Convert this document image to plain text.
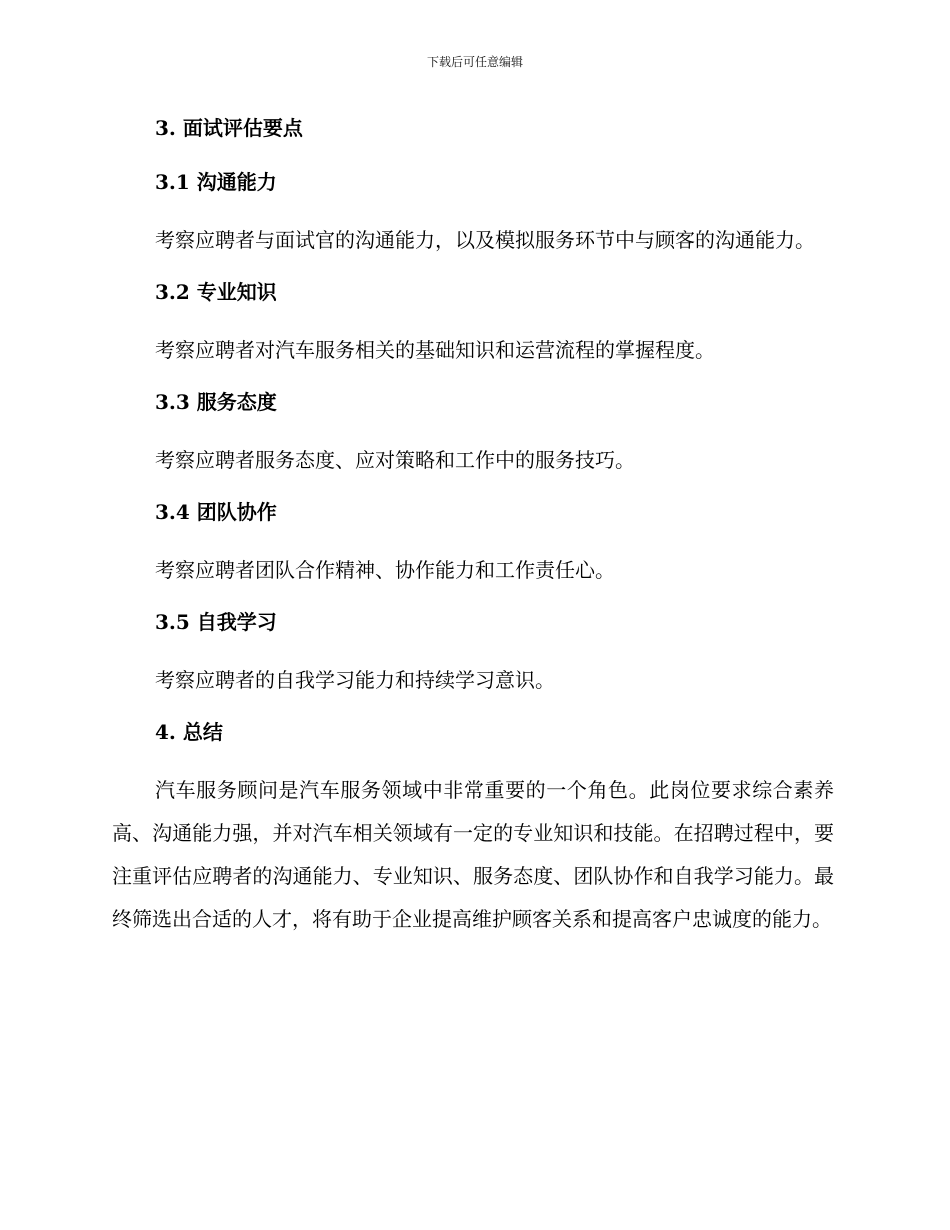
下载后可任意编辑
3. 面试评估要点
3.1 沟通能力

考察应聘者与面试官的沟通能力，以及模拟服务环节中与顾客的沟通能力。

3.2 专业知识

考察应聘者对汽车服务相关的基础知识和运营流程的掌握程度。

3.3 服务态度

考察应聘者服务态度、应对策略和工作中的服务技巧。

3.4 团队协作

考察应聘者团队合作精神、协作能力和工作责任心。

3.5 自我学习

考察应聘者的自我学习能力和持续学习意识。

4. 总结

汽车服务顾问是汽车服务领域中非常重要的一个角色。此岗位要求综合素养高、沟通能力强，并对汽车相关领域有一定的专业知识和技能。在招聘过程中，要注重评估应聘者的沟通能力、专业知识、服务态度、团队协作和自我学习能力。最终筛选出合适的人才，将有助于企业提高维护顾客关系和提高客户忠诚度的能力。
